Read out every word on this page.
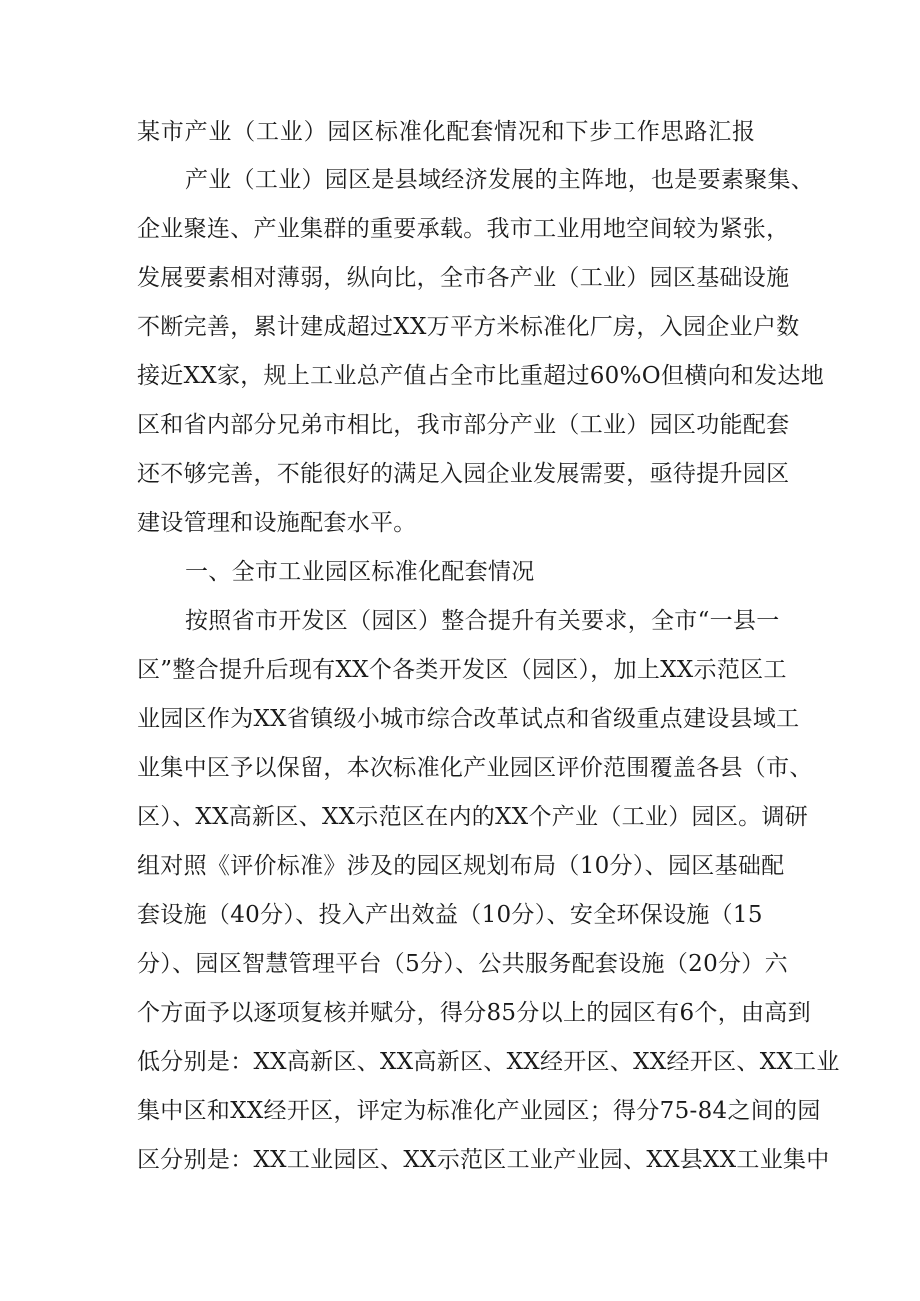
某市产业（工业）园区标准化配套情况和下步工作思路汇报

产业（工业）园区是县域经济发展的主阵地，也是要素聚集、

企业聚连、产业集群的重要承载。我市工业用地空间较为紧张，

发展要素相对薄弱，纵向比，全市各产业（工业）园区基础设施

不断完善，累计建成超过XX万平方米标准化厂房，入园企业户数

接近XX家，规上工业总产值占全市比重超过60%O但横向和发达地

区和省内部分兄弟市相比，我市部分产业（工业）园区功能配套

还不够完善，不能很好的满足入园企业发展需要，亟待提升园区

建设管理和设施配套水平。

一、全市工业园区标准化配套情况

按照省市开发区（园区）整合提升有关要求，全市“一县一

区”整合提升后现有XX个各类开发区（园区），加上XX示范区工

业园区作为XX省镇级小城市综合改革试点和省级重点建设县域工

业集中区予以保留，本次标准化产业园区评价范围覆盖各县（市、

区）、XX高新区、XX示范区在内的XX个产业（工业）园区。调研

组对照《评价标准》涉及的园区规划布局（10分）、园区基础配

套设施（40分）、投入产出效益（10分）、安全环保设施（15

分）、园区智慧管理平台（5分）、公共服务配套设施（20分）六

个方面予以逐项复核并赋分，得分85分以上的园区有6个，由高到

低分别是：XX高新区、XX高新区、XX经开区、XX经开区、XX工业

集中区和XX经开区，评定为标准化产业园区；得分75-84之间的园

区分别是：XX工业园区、XX示范区工业产业园、XX县XX工业集中
